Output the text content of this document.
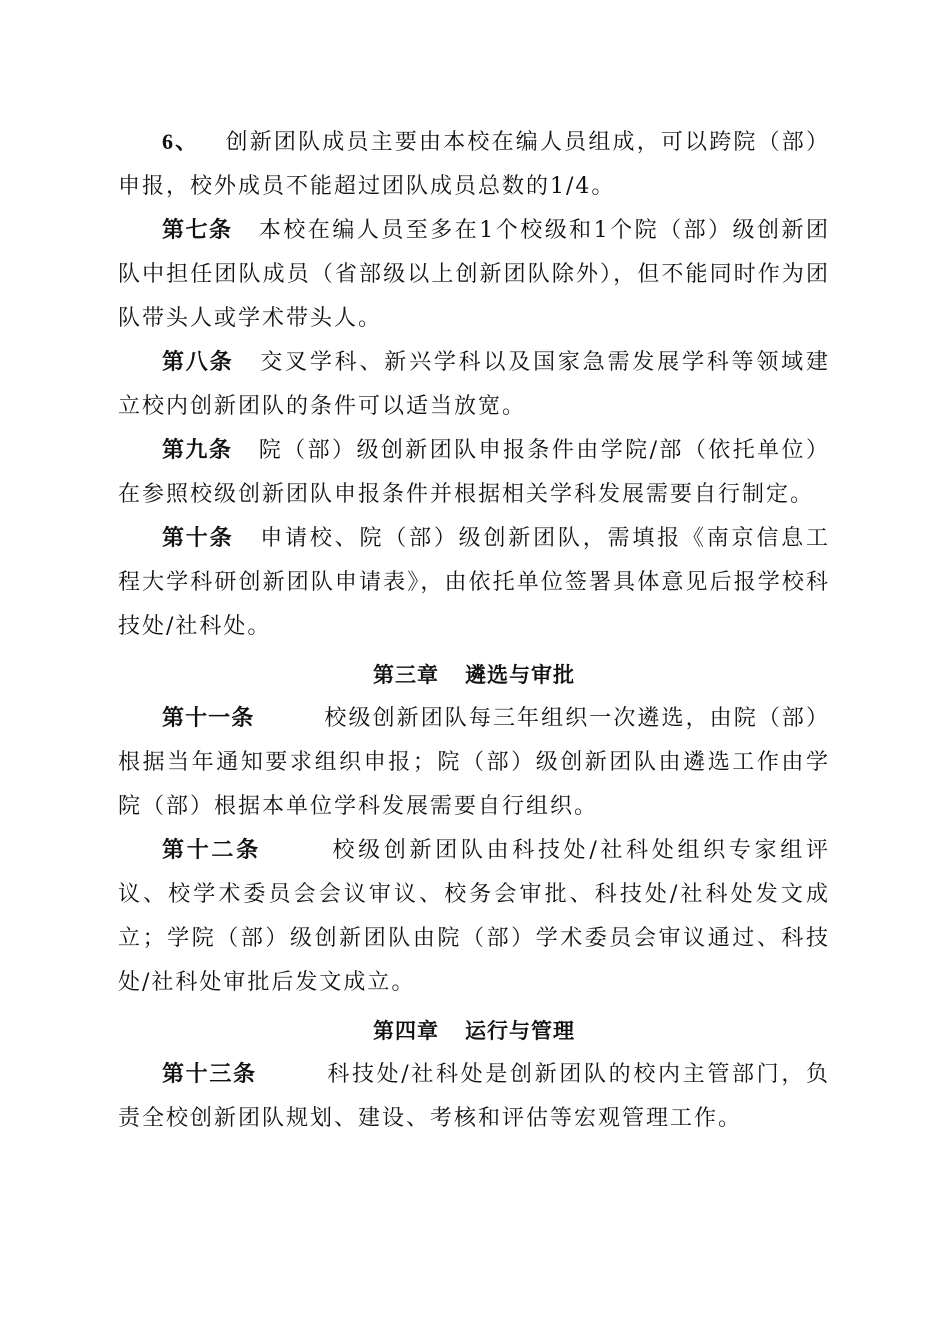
6、 创新团队成员主要由本校在编人员组成，可以跨院（部）申报，校外成员不能超过团队成员总数的1/4。

第七条 本校在编人员至多在1个校级和1个院（部）级创新团队中担任团队成员（省部级以上创新团队除外），但不能同时作为团队带头人或学术带头人。

第八条 交叉学科、新兴学科以及国家急需发展学科等领域建立校内创新团队的条件可以适当放宽。

第九条 院（部）级创新团队申报条件由学院/部（依托单位）在参照校级创新团队申报条件并根据相关学科发展需要自行制定。

第十条 申请校、院（部）级创新团队，需填报《南京信息工程大学科研创新团队申请表》，由依托单位签署具体意见后报学校科技处/社科处。

第三章 遴选与审批

第十一条	校级创新团队每三年组织一次遴选，由院（部）根据当年通知要求组织申报；院（部）级创新团队由遴选工作由学院（部）根据本单位学科发展需要自行组织。

第十二条	校级创新团队由科技处/社科处组织专家组评议、校学术委员会会议审议、校务会审批、科技处/社科处发文成立；学院（部）级创新团队由院（部）学术委员会审议通过、科技处/社科处审批后发文成立。

第四章 运行与管理

第十三条	科技处/社科处是创新团队的校内主管部门，负责全校创新团队规划、建设、考核和评估等宏观管理工作。
